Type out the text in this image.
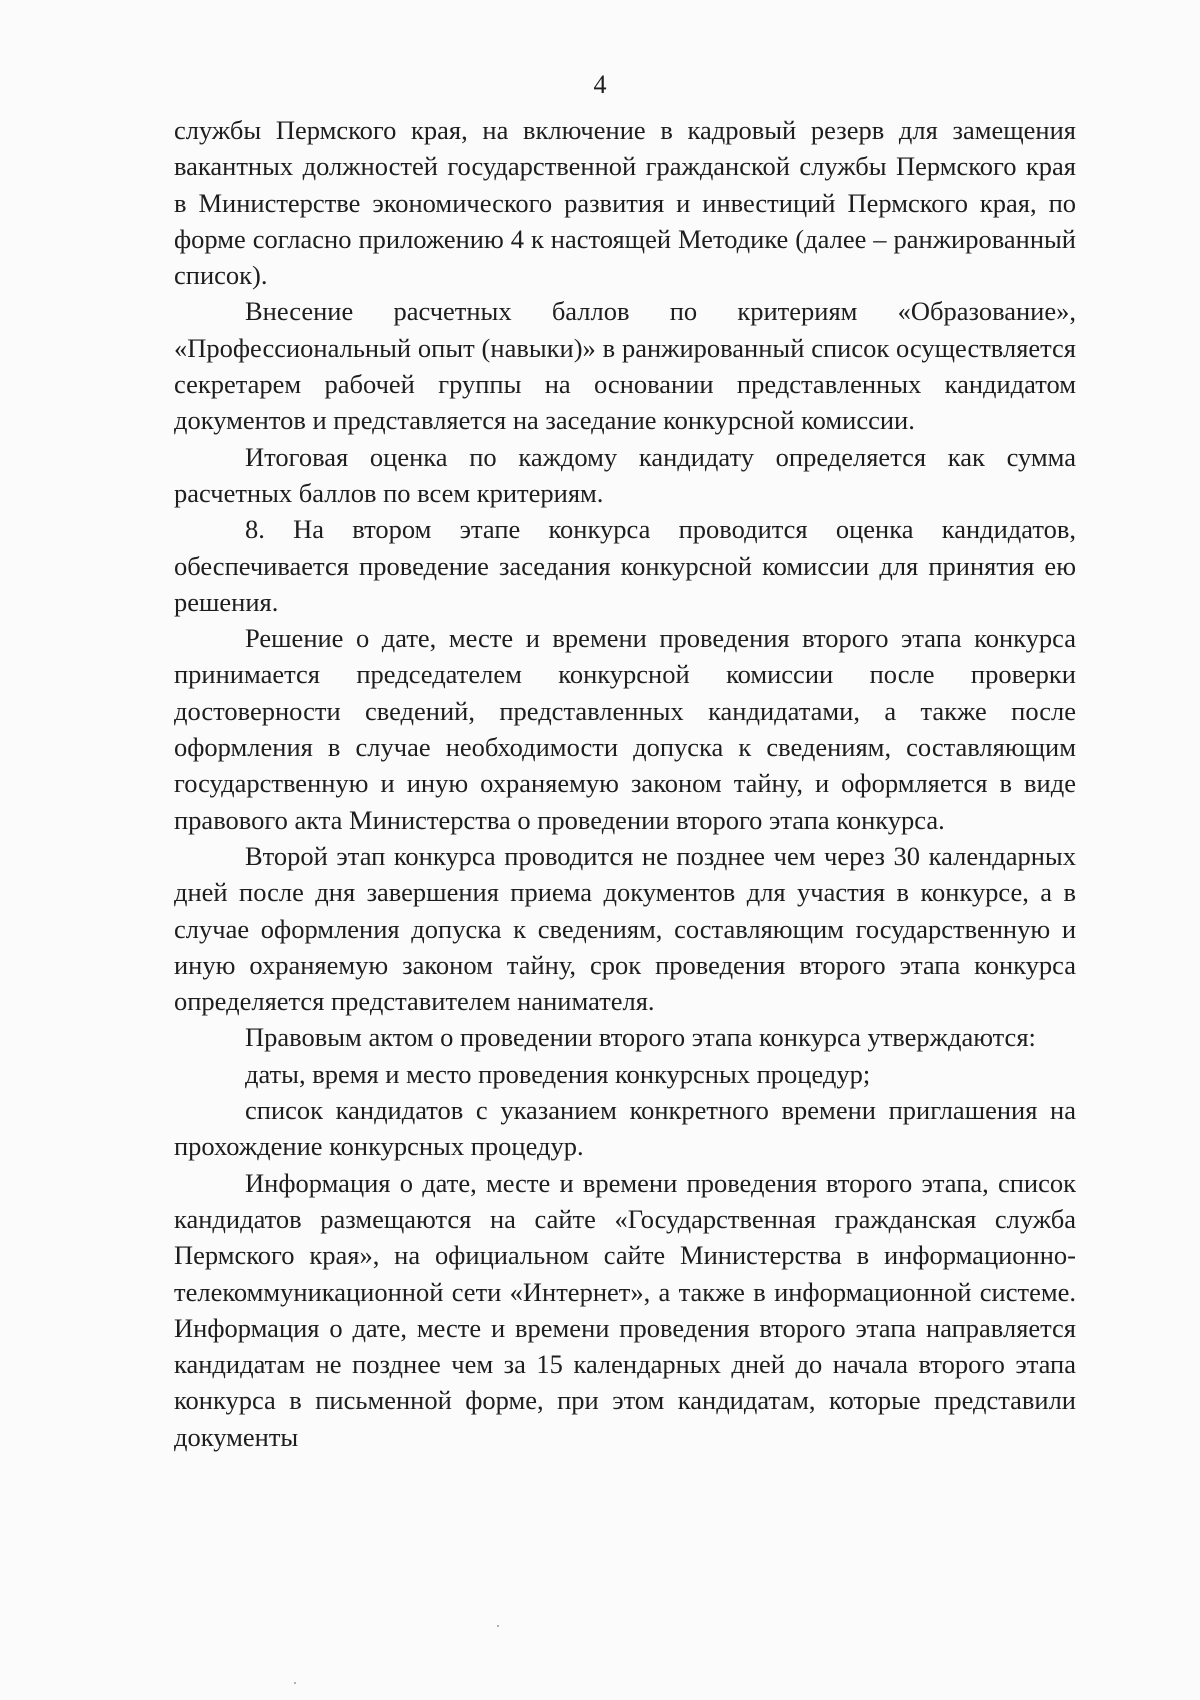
4

службы Пермского края, на включение в кадровый резерв для замещения вакантных должностей государственной гражданской службы Пермского края в Министерстве экономического развития и инвестиций Пермского края, по форме согласно приложению 4 к настоящей Методике (далее – ранжированный список).

Внесение расчетных баллов по критериям «Образование», «Профессиональный опыт (навыки)» в ранжированный список осуществляется секретарем рабочей группы на основании представленных кандидатом документов и представляется на заседание конкурсной комиссии.

Итоговая оценка по каждому кандидату определяется как сумма расчетных баллов по всем критериям.

8. На втором этапе конкурса проводится оценка кандидатов, обеспечивается проведение заседания конкурсной комиссии для принятия ею решения.

Решение о дате, месте и времени проведения второго этапа конкурса принимается председателем конкурсной комиссии после проверки достоверности сведений, представленных кандидатами, а также после оформления в случае необходимости допуска к сведениям, составляющим государственную и иную охраняемую законом тайну, и оформляется в виде правового акта Министерства о проведении второго этапа конкурса.

Второй этап конкурса проводится не позднее чем через 30 календарных дней после дня завершения приема документов для участия в конкурсе, а в случае оформления допуска к сведениям, составляющим государственную и иную охраняемую законом тайну, срок проведения второго этапа конкурса определяется представителем нанимателя.

Правовым актом о проведении второго этапа конкурса утверждаются:

даты, время и место проведения конкурсных процедур;

список кандидатов с указанием конкретного времени приглашения на прохождение конкурсных процедур.

Информация о дате, месте и времени проведения второго этапа, список кандидатов размещаются на сайте «Государственная гражданская служба Пермского края», на официальном сайте Министерства в информационно-телекоммуникационной сети «Интернет», а также в информационной системе. Информация о дате, месте и времени проведения второго этапа направляется кандидатам не позднее чем за 15 календарных дней до начала второго этапа конкурса в письменной форме, при этом кандидатам, которые представили документы
